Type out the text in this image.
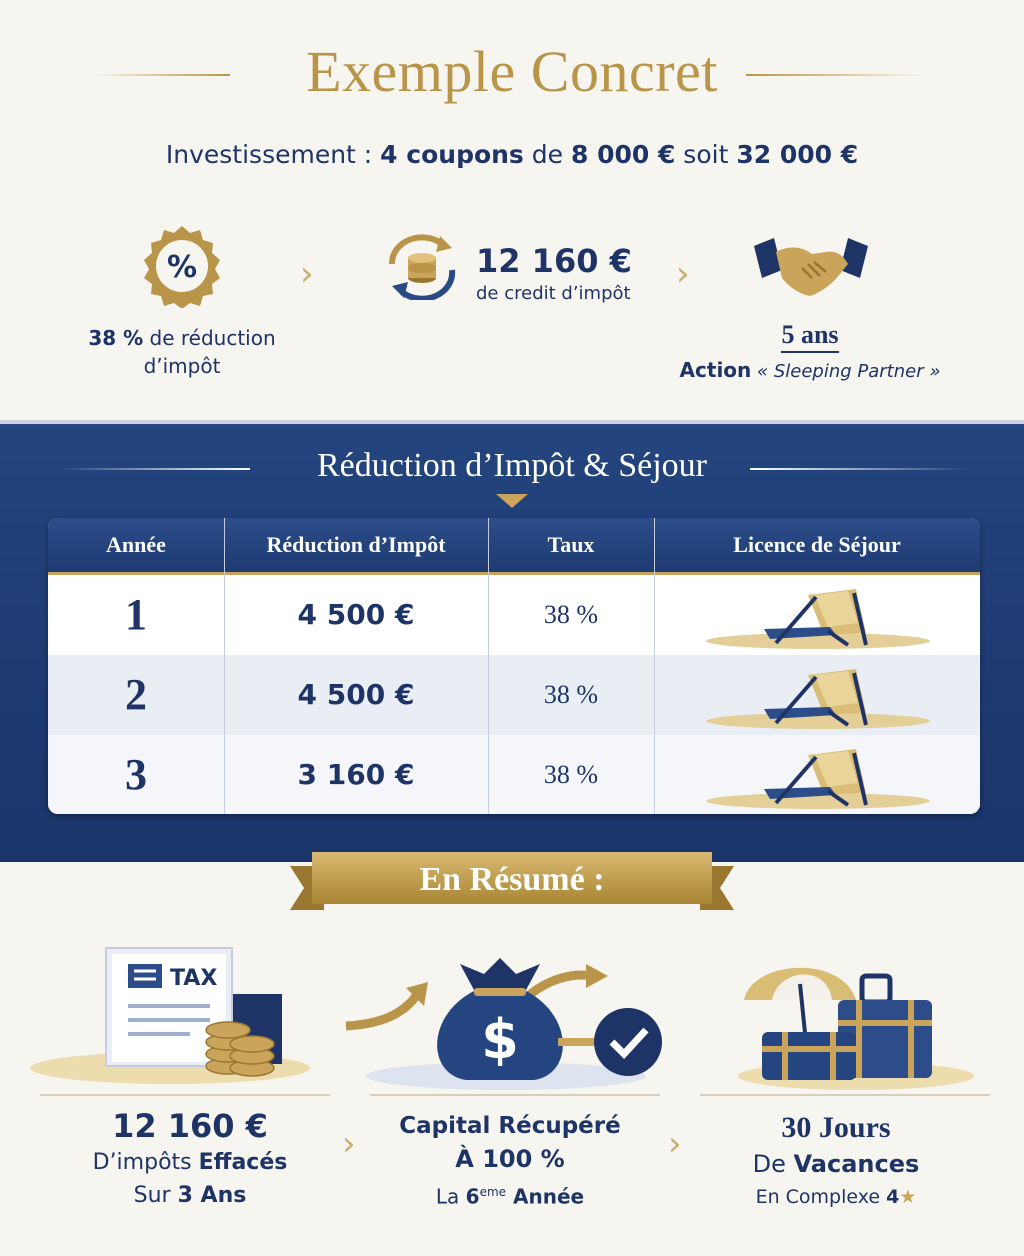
Exemple Concret
Investissement : 4 coupons de 8 000 € soit 32 000 €
%
38 % de réduction
d’impôt
›	12 160 €
de credit d’impôt ›
5 ans
Action « Sleeping Partner »
Réduction d’Impôt & Séjour
Année	Réduction d’Impôt	Taux	Licence de Séjour
1	4 500 €	38 %
2	4 500 €	38 %
3	3 160 €	38 %
En Résumé :
TAX
$
12 160 €
D’impôts Effacés
Sur 3 Ans
›	Capital Récupéré
À 100 %
La 6eme Année
›	30 Jours
De Vacances
En Complexe 4★
